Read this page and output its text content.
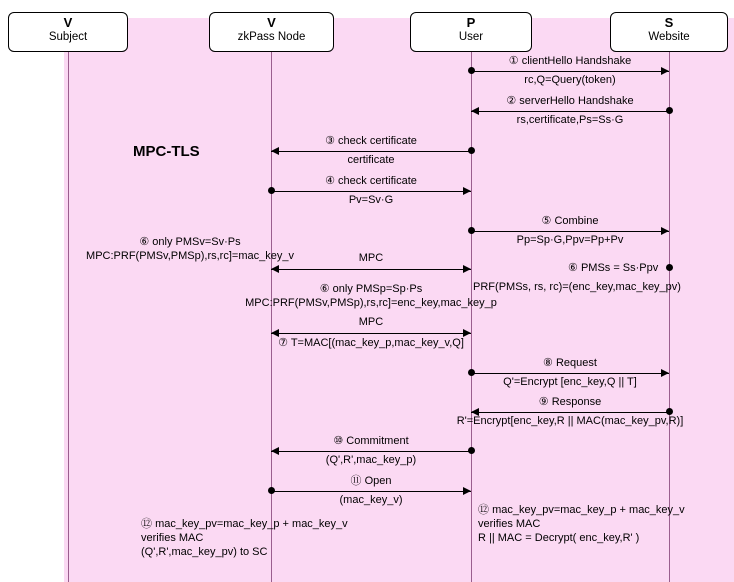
V
Subject
V
zkPass Node
P
User
S
Website
MPC-TLS
① clientHello Handshake
rc,Q=Query(token)
② serverHello Handshake
rs,certificate,Ps=Ss·G
③ check certificate
certificate
④ check certificate
Pv=Sv·G
⑤ Combine
Pp=Sp·G,Ppv=Pp+Pv
⑥ only PMSv=Sv·Ps
MPC:PRF(PMSv,PMSp),rs,rc]=mac_key_v	MPC
⑥ PMSs = Ss·Ppv
PRF(PMSs, rs, rc)=(enc_key,mac_key_pv)
⑥ only PMSp=Sp·Ps
MPC:PRF(PMSv,PMSp),rs,rc]=enc_key,mac_key_p
MPC
⑦ T=MAC[(mac_key_p,mac_key_v,Q]
⑧ Request
Q'=Encrypt [enc_key,Q || T]
⑨ Response
R'=Encrypt[enc_key,R || MAC(mac_key_pv,R)]
⑩ Commitment
(Q',R',mac_key_p)
⑪ Open
(mac_key_v)
⑫ mac_key_pv=mac_key_p + mac_key_v
verifies MAC
(Q',R',mac_key_pv) to SC
⑫ mac_key_pv=mac_key_p + mac_key_v
verifies MAC
R || MAC = Decrypt( enc_key,R' )
